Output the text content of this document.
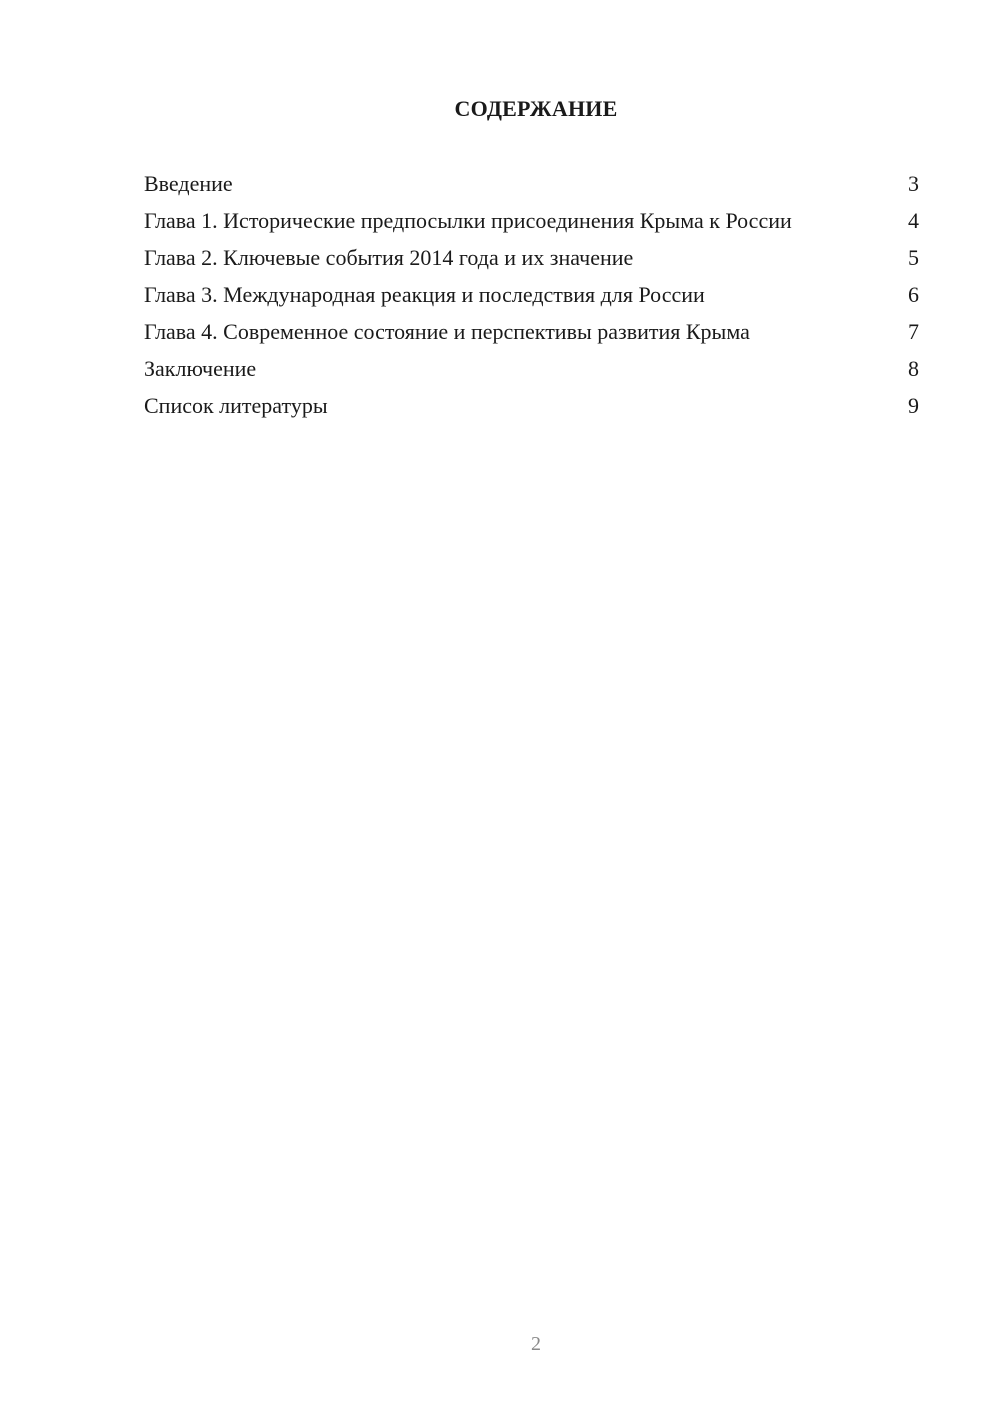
СОДЕРЖАНИЕ
Введение	3
Глава 1. Исторические предпосылки присоединения Крыма к России	4
Глава 2. Ключевые события 2014 года и их значение	5
Глава 3. Международная реакция и последствия для России	6
Глава 4. Современное состояние и перспективы развития Крыма	7
Заключение	8
Список литературы	9
2
